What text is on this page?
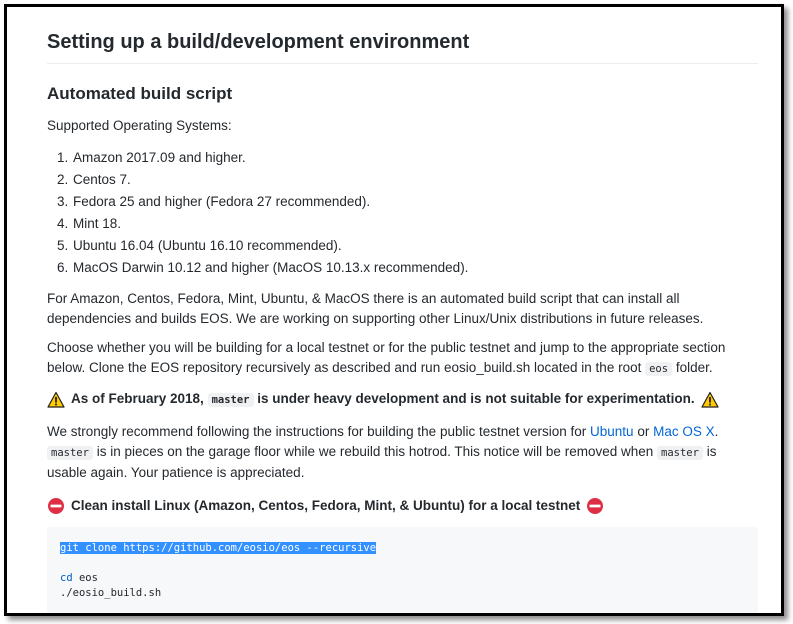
Setting up a build/development environment
Automated build script

Supported Operating Systems:

Amazon 2017.09 and higher.
Centos 7.
Fedora 25 and higher (Fedora 27 recommended).
Mint 18.
Ubuntu 16.04 (Ubuntu 16.10 recommended).
MacOS Darwin 10.12 and higher (MacOS 10.13.x recommended).

For Amazon, Centos, Fedora, Mint, Ubuntu, & MacOS there is an automated build script that can install all dependencies and builds EOS. We are working on supporting other Linux/Unix distributions in future releases.

Choose whether you will be building for a local testnet or for the public testnet and jump to the appropriate section below. Clone the EOS repository recursively as described and run eosio_build.sh located in the root eos folder.

As of February 2018, master is under heavy development and is not suitable for experimentation.

We strongly recommend following the instructions for building the public testnet version for Ubuntu or Mac OS X. master is in pieces on the garage floor while we rebuild this hotrod. This notice will be removed when master is usable again. Your patience is appreciated.

Clean install Linux (Amazon, Centos, Fedora, Mint, & Ubuntu) for a local testnet
git clone https://github.com/eosio/eos --recursive
cd eos
./eosio_build.sh
